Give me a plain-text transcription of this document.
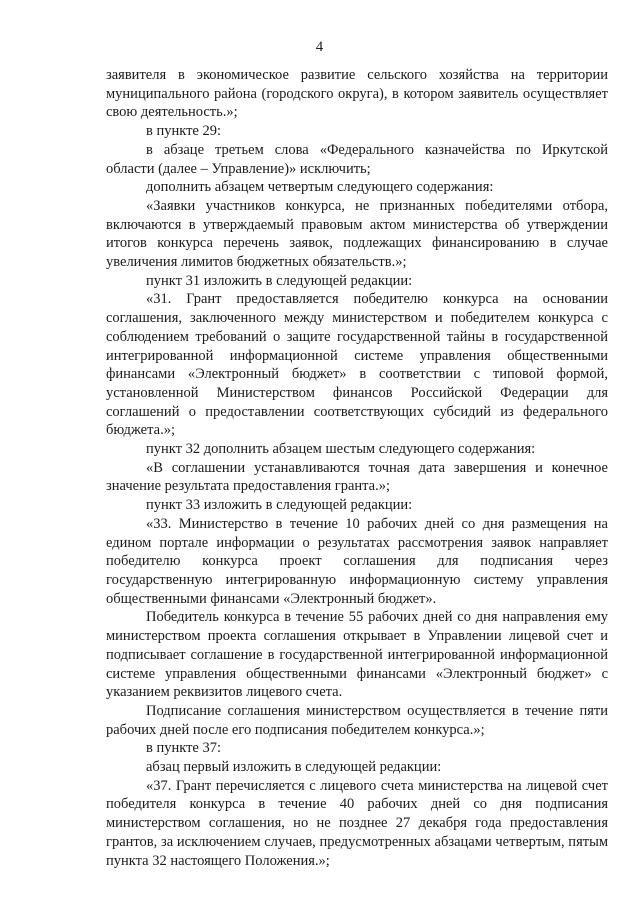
4

заявителя в экономическое развитие сельского хозяйства на территории муниципального района (городского округа), в котором заявитель осуществляет свою деятельность.»;

в пункте 29:

в абзаце третьем слова «Федерального казначейства по Иркутской области (далее – Управление)» исключить;

дополнить абзацем четвертым следующего содержания:

«Заявки участников конкурса, не признанных победителями отбора, включаются в утверждаемый правовым актом министерства об утверждении итогов конкурса перечень заявок, подлежащих финансированию в случае увеличения лимитов бюджетных обязательств.»;

пункт 31 изложить в следующей редакции:

«31. Грант предоставляется победителю конкурса на основании соглашения, заключенного между министерством и победителем конкурса с соблюдением требований о защите государственной тайны в государственной интегрированной информационной системе управления общественными финансами «Электронный бюджет» в соответствии с типовой формой, установленной Министерством финансов Российской Федерации для соглашений о предоставлении соответствующих субсидий из федерального бюджета.»;

пункт 32 дополнить абзацем шестым следующего содержания:

«В соглашении устанавливаются точная дата завершения и конечное значение результата предоставления гранта.»;

пункт 33 изложить в следующей редакции:

«33. Министерство в течение 10 рабочих дней со дня размещения на едином портале информации о результатах рассмотрения заявок направляет победителю конкурса проект соглашения для подписания через государственную интегрированную информационную систему управления общественными финансами «Электронный бюджет».

Победитель конкурса в течение 55 рабочих дней со дня направления ему министерством проекта соглашения открывает в Управлении лицевой счет и подписывает соглашение в государственной интегрированной информационной системе управления общественными финансами «Электронный бюджет» с указанием реквизитов лицевого счета.

Подписание соглашения министерством осуществляется в течение пяти рабочих дней после его подписания победителем конкурса.»;

в пункте 37:

абзац первый изложить в следующей редакции:

«37. Грант перечисляется с лицевого счета министерства на лицевой счет победителя конкурса в течение 40 рабочих дней со дня подписания министерством соглашения, но не позднее 27 декабря года предоставления грантов, за исключением случаев, предусмотренных абзацами четвертым, пятым пункта 32 настоящего Положения.»;
